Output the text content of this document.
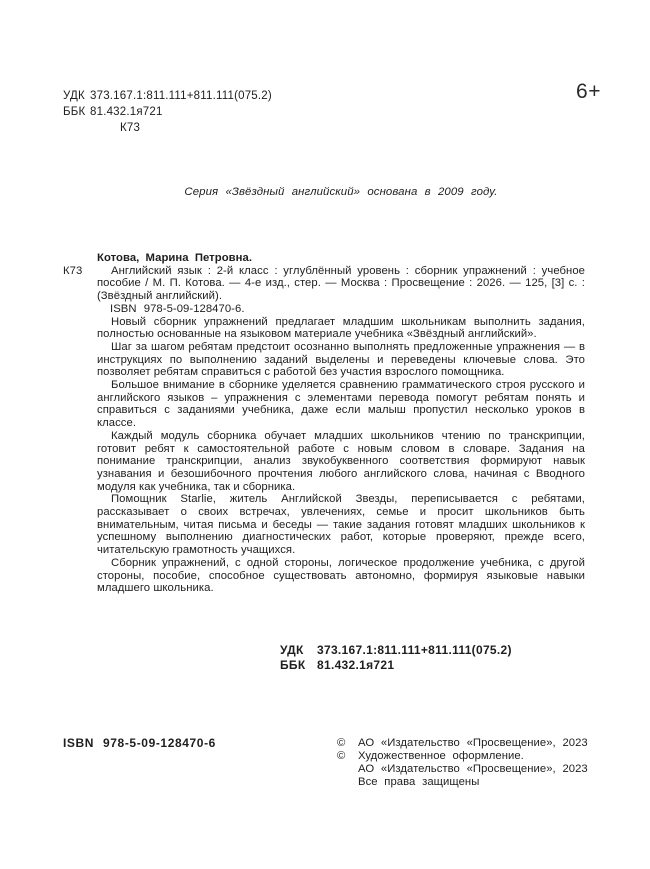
УДК 373.167.1:811.111+811.111(075.2)
ББК 81.432.1я721
К73
6+
Серия «Звёздный английский» основана в 2009 году.
Котова, Марина Петровна.
К73	Английский язык : 2-й класс : углублённый уровень : сборник упражнений : учебное пособие / М. П. Котова. — 4-е изд., стер. — Москва : Просвещение : 2026. — 125, [3] с. : (Звёздный английский).
ISBN 978-5-09-128470-6.

Новый сборник упражнений предлагает младшим школьникам выполнить задания, полностью основанные на языковом материале учебника «Звёздный английский».

Шаг за шагом ребятам предстоит осознанно выполнять предложенные упражнения — в инструкциях по выполнению заданий выделены и переведены ключевые слова. Это позволяет ребятам справиться с работой без участия взрослого помощника.

Большое внимание в сборнике уделяется сравнению грамматического строя русского и английского языков – упражнения с элементами перевода помогут ребятам понять и справиться с заданиями учебника, даже если малыш пропустил несколько уроков в классе.

Каждый модуль сборника обучает младших школьников чтению по транскрипции, готовит ребят к самостоятельной работе с новым словом в словаре. Задания на понимание транскрипции, анализ звукобуквенного соответствия формируют навык узнавания и безошибочного прочтения любого английского слова, начиная с Вводного модуля как учебника, так и сборника.

Помощник Starlie, житель Английской Звезды, переписывается с ребятами, рассказывает о своих встречах, увлечениях, семье и просит школьников быть внимательным, читая письма и беседы — такие задания готовят младших школьников к успешному выполнению диагностических работ, которые проверяют, прежде всего, читательскую грамотность учащихся.

Сборник упражнений, с одной стороны, логическое продолжение учебника, с другой стороны, пособие, способное существовать автономно, формируя языковые навыки младшего школьника.

УДК	373.167.1:811.111+811.111(075.2)
ББК 81.432.1я721
ISBN 978-5-09-128470-6	©	АО «Издательство «Просвещение», 2023
©	Художественное оформление.
АО «Издательство «Просвещение», 2023
Все права защищены
